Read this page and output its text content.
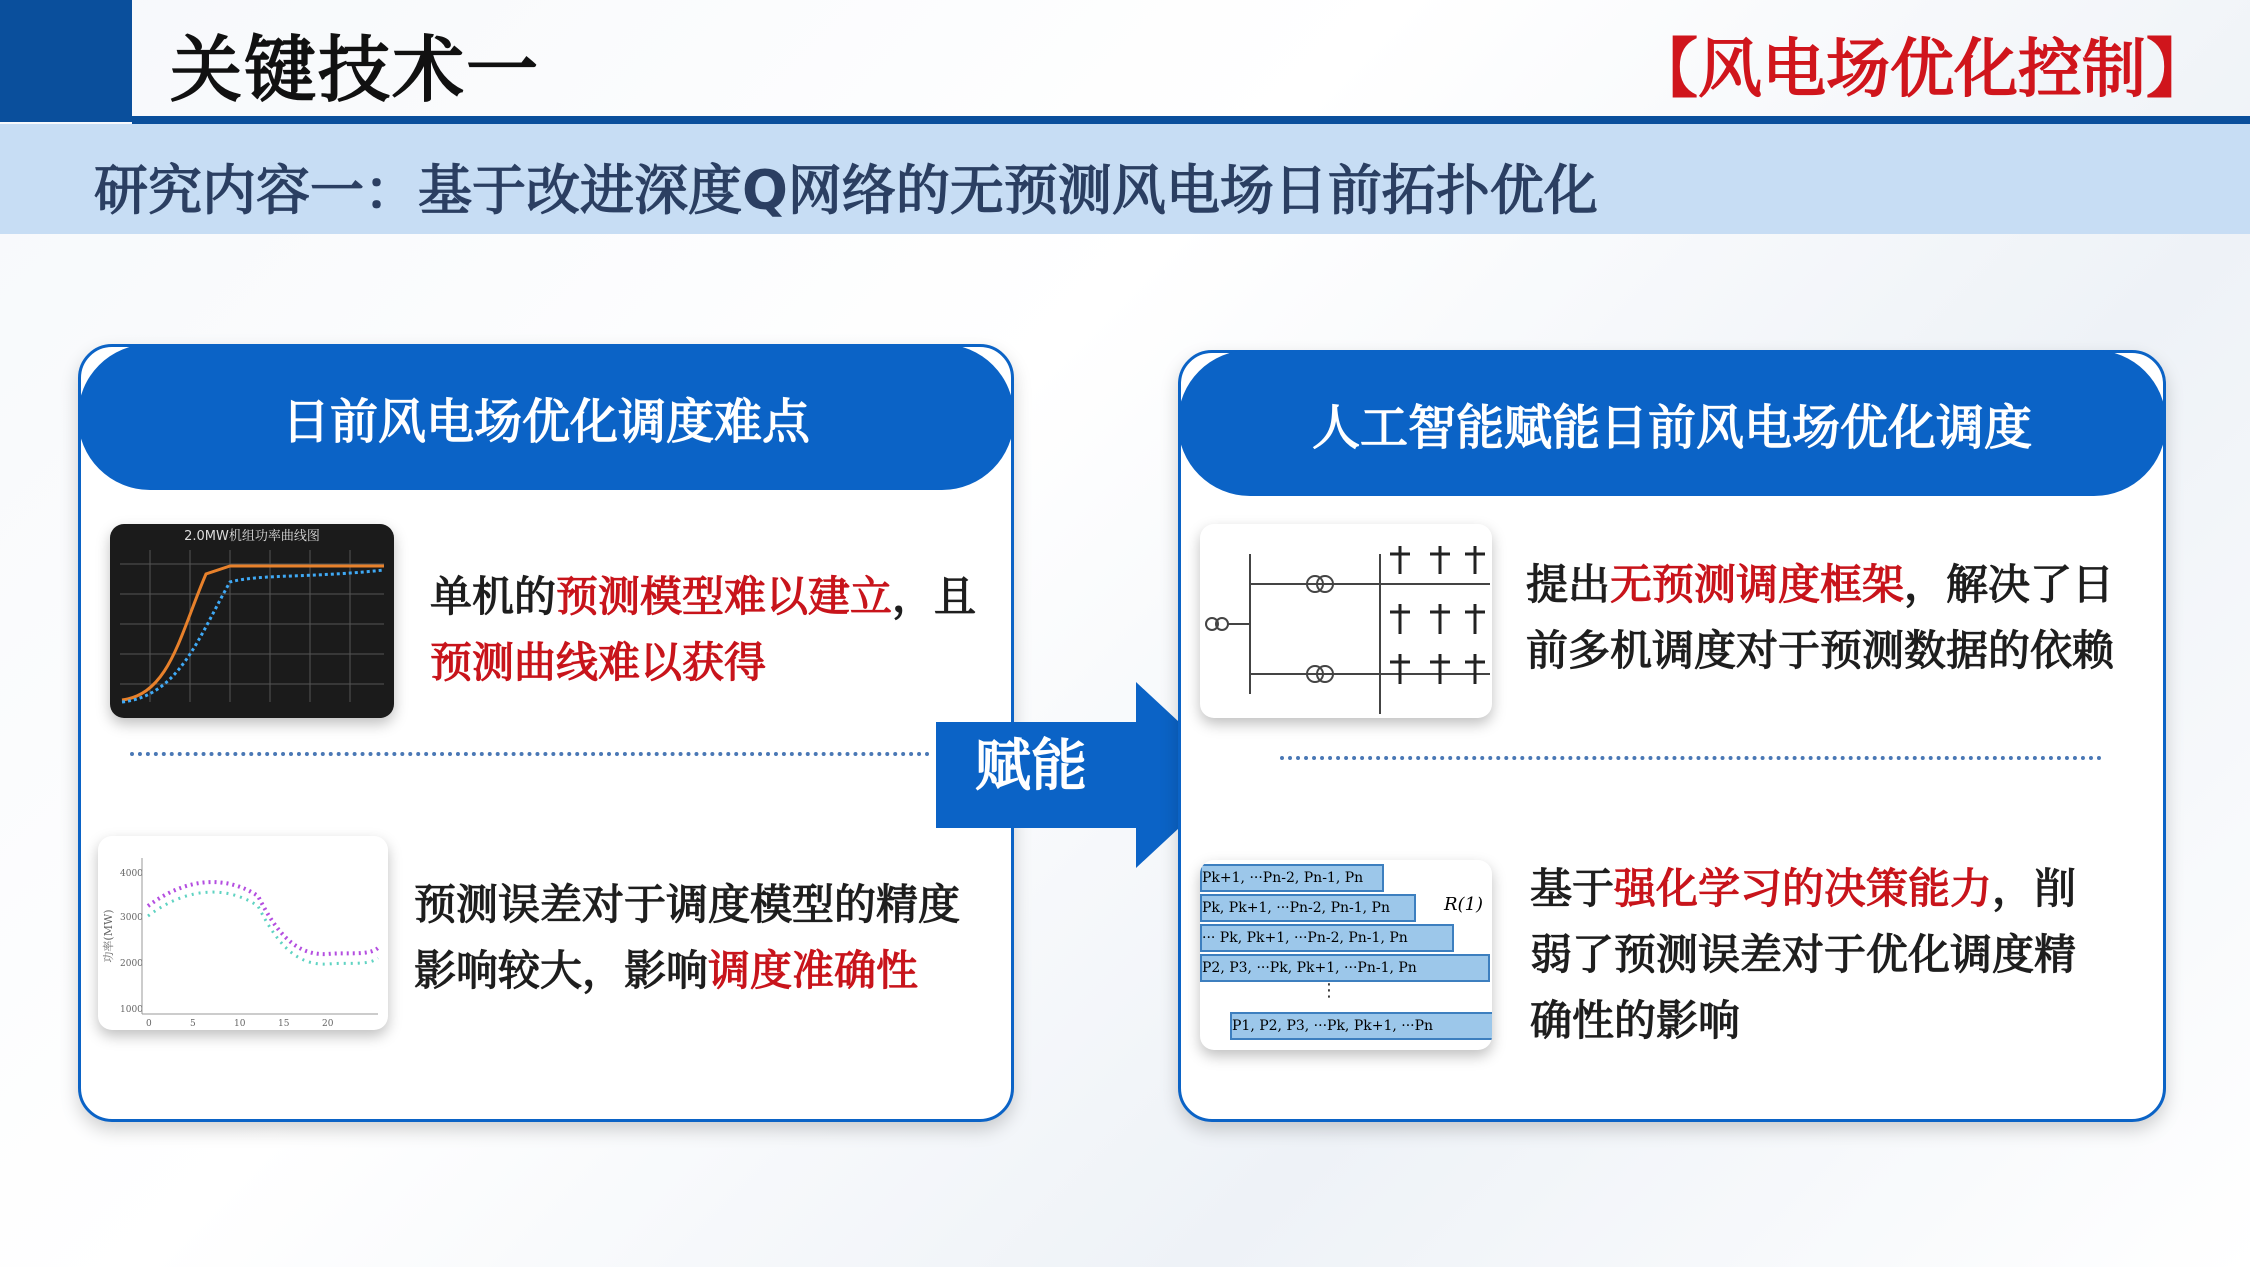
关键技术一	【风电场优化控制】
研究内容一：基于改进深度Q网络的无预测风电场日前拓扑优化
日前风电场优化调度难点
2.0MW机组功率曲线图
单机的预测模型难以建立，且
预测曲线难以获得
功率(MW)
4000
3000
2000
1000
0	5	10	15	20
预测误差对于调度模型的精度
影响较大，影响调度准确性
赋能
人工智能赋能日前风电场优化调度
提出无预测调度框架，解决了日
前多机调度对于预测数据的依赖
Pk+1, ···Pn-2, Pn-1, Pn
Pk, Pk+1, ···Pn-2, Pn-1, Pn
··· Pk, Pk+1, ···Pn-2, Pn-1, Pn
P2, P3, ···Pk, Pk+1, ···Pn-1, Pn
⋮
P1, P2, P3, ···Pk, Pk+1, ···Pn
R(1) 基于强化学习的决策能力，削
弱了预测误差对于优化调度精
确性的影响
